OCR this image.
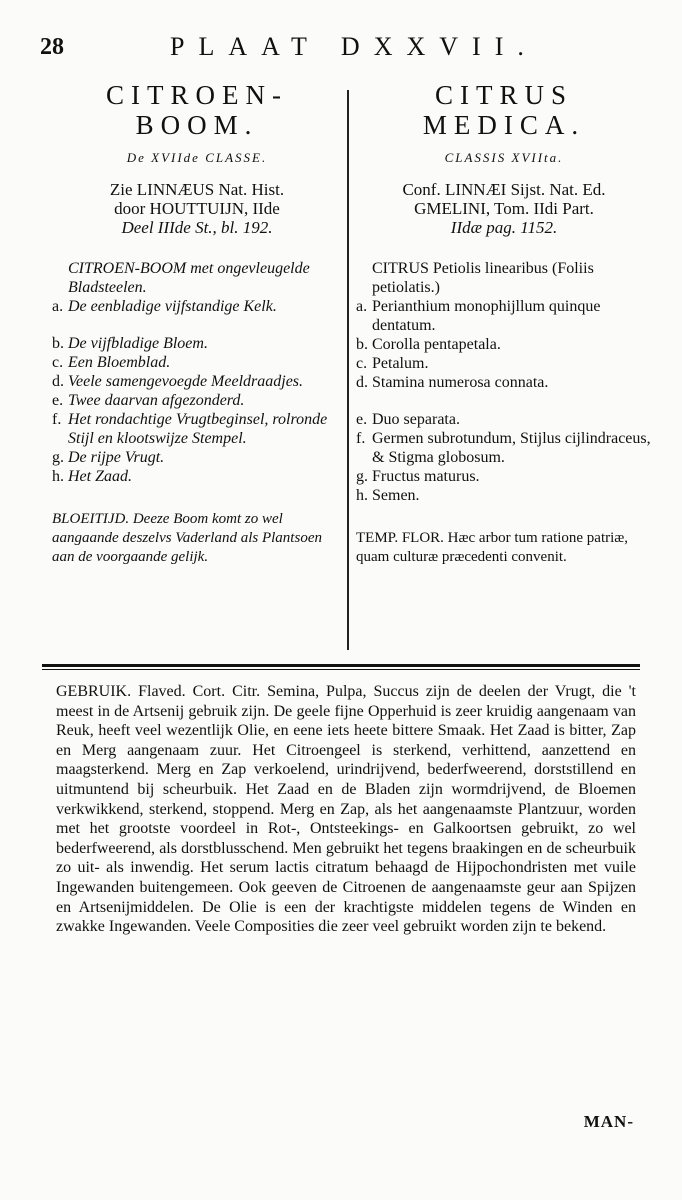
28	PLAAT DXXVII.
CITROEN-
BOOM.
De XVIIde CLASSE.
Zie LINNÆUS Nat. Hist.
door HOUTTUIJN, IIde
Deel IIIde St., bl. 192.
CITROEN-BOOM met ongevleugelde Bladsteelen.
a. De eenbladige vijfstandige Kelk.
b. De vijfbladige Bloem.
c. Een Bloemblad.
d. Veele samengevoegde Meeldraadjes.
e. Twee daarvan afgezonderd.
f. Het rondachtige Vrugtbeginsel, rolronde Stijl en klootswijze Stempel.
g. De rijpe Vrugt.
h. Het Zaad.
BLOEITIJD. Deeze Boom komt zo wel aangaande deszelvs Vaderland als Plantsoen aan de voorgaande gelijk.
CITRUS
MEDICA.
CLASSIS XVIIta.
Conf. LINNÆI Sijst. Nat. Ed.
GMELINI, Tom. IIdi Part.
IIdæ pag. 1152.
CITRUS Petiolis linearibus (Foliis petiolatis.)
a. Perianthium monophijllum quinque dentatum.
b. Corolla pentapetala.
c. Petalum.
d. Stamina numerosa connata.
e. Duo separata.
f. Germen subrotundum, Stijlus cijlindraceus, & Stigma globosum.
g. Fructus maturus.
h. Semen.
TEMP. FLOR. Hæc arbor tum ratione patriæ, quam culturæ præcedenti convenit.

GEBRUIK. Flaved. Cort. Citr. Semina, Pulpa, Succus zijn de deelen der Vrugt, die 't meest in de Artsenij gebruik zijn. De geele fijne Opperhuid is zeer kruidig aangenaam van Reuk, heeft veel wezentlijk Olie, en eene iets heete bittere Smaak. Het Zaad is bitter, Zap en Merg aangenaam zuur. Het Citroengeel is sterkend, verhittend, aanzettend en maagsterkend. Merg en Zap verkoelend, urindrijvend, bederfweerend, dorststillend en uitmuntend bij scheurbuik. Het Zaad en de Bladen zijn wormdrijvend, de Bloemen verkwikkend, sterkend, stoppend. Merg en Zap, als het aangenaamste Plantzuur, worden met het grootste voordeel in Rot-, Ontsteekings- en Galkoortsen gebruikt, zo wel bederfweerend, als dorstblusschend. Men gebruikt het tegens braakingen en de scheurbuik zo uit- als inwendig. Het serum lactis citratum behaagd de Hijpochondristen met vuile Ingewanden buitengemeen. Ook geeven de Citroenen de aangenaamste geur aan Spijzen en Artsenijmiddelen. De Olie is een der krachtigste middelen tegens de Winden en zwakke Ingewanden. Veele Composities die zeer veel gebruikt worden zijn te bekend.

MAN-
